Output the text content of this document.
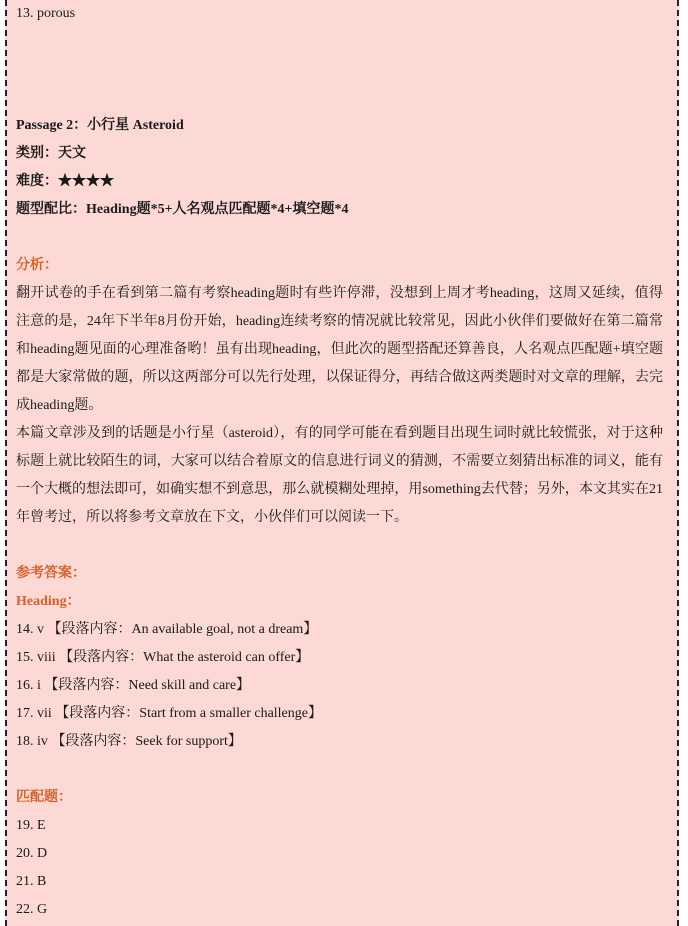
13. porous
Passage 2：小行星 Asteroid
类别：天文
难度：★★★★
题型配比：Heading题*5+人名观点匹配题*4+填空题*4
分析：

翻开试卷的手在看到第二篇有考察heading题时有些许停滞，没想到上周才考heading，这周又延续，值得注意的是，24年下半年8月份开始，heading连续考察的情况就比较常见，因此小伙伴们要做好在第二篇常和heading题见面的心理准备哟！虽有出现heading，但此次的题型搭配还算善良，人名观点匹配题+填空题都是大家常做的题，所以这两部分可以先行处理，以保证得分，再结合做这两类题时对文章的理解，去完成heading题。

本篇文章涉及到的话题是小行星（asteroid），有的同学可能在看到题目出现生词时就比较慌张，对于这种标题上就比较陌生的词，大家可以结合着原文的信息进行词义的猜测，不需要立刻猜出标准的词义，能有一个大概的想法即可，如确实想不到意思，那么就模糊处理掉，用something去代替；另外，本文其实在21年曾考过，所以将参考文章放在下文，小伙伴们可以阅读一下。

参考答案：
Heading：
14. v 【段落内容：An available goal, not a dream】
15. viii 【段落内容：What the asteroid can offer】
16. i 【段落内容：Need skill and care】
17. vii 【段落内容：Start from a smaller challenge】
18. iv 【段落内容：Seek for support】
匹配题：
19. E
20. D
21. B
22. G
